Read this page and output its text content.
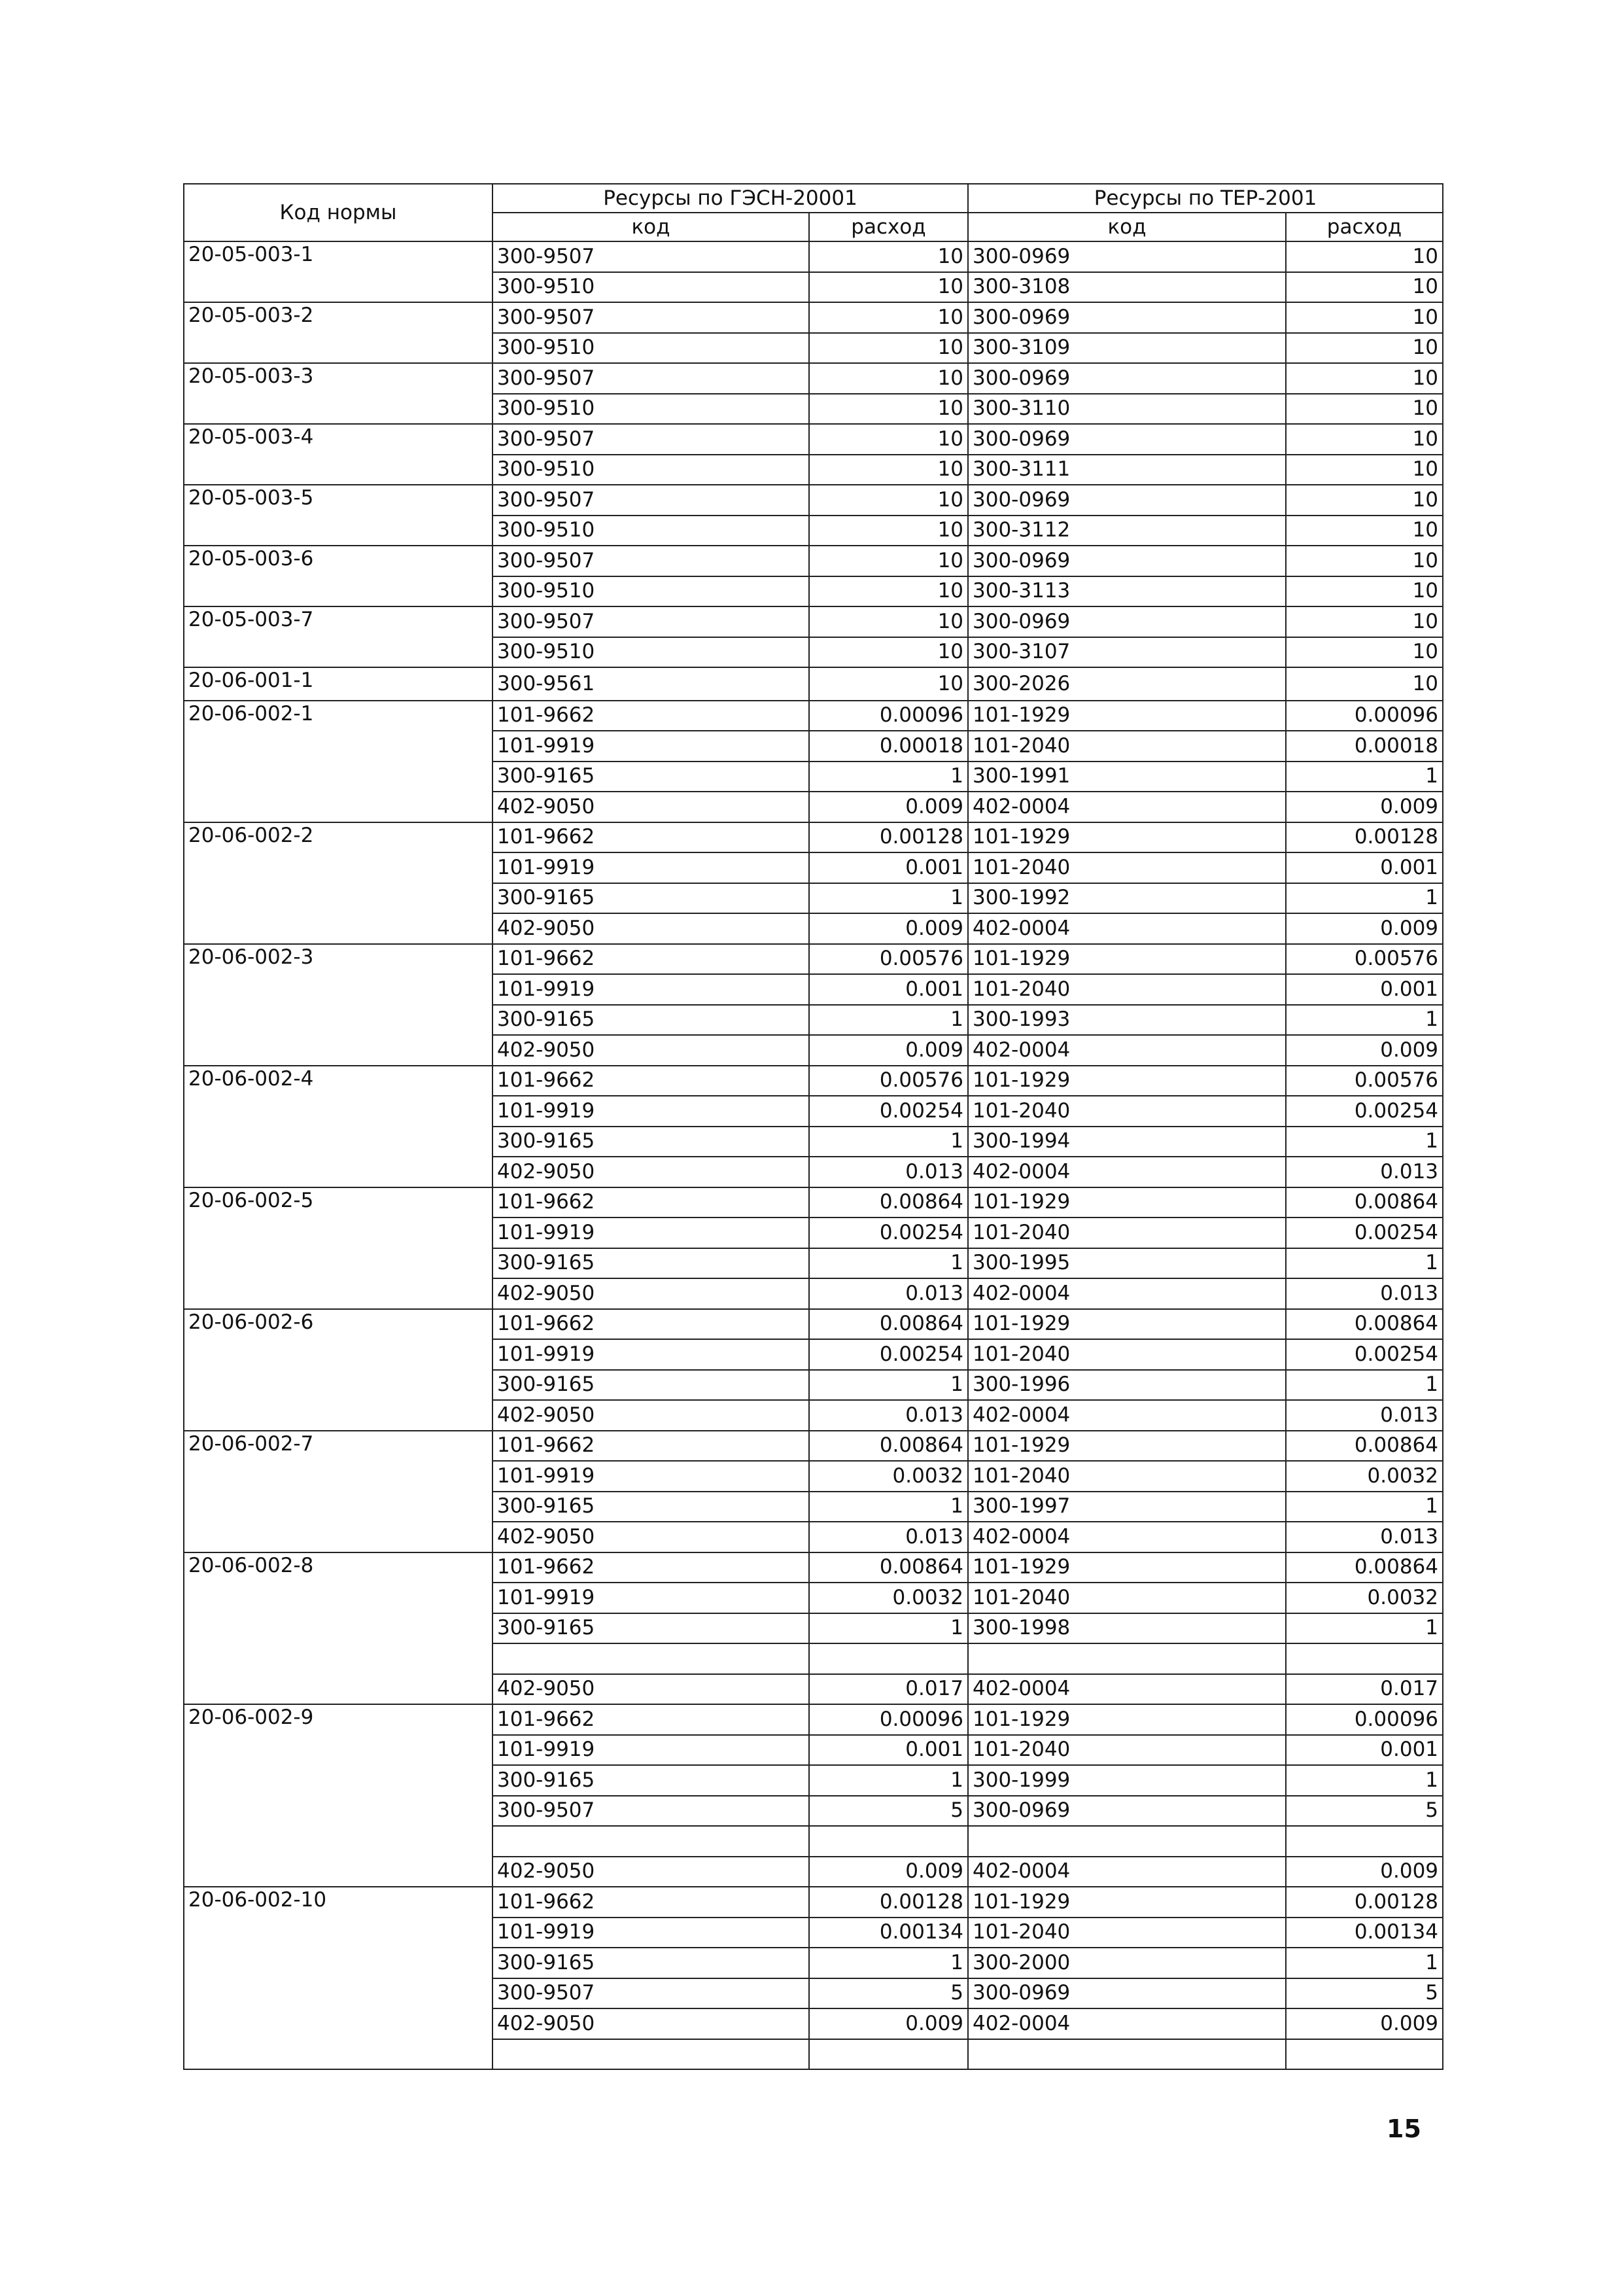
Код нормы	Ресурсы по ГЭСН-20001		Ресурсы по ТЕР-2001	
	код	расход	код	расход
20-05-003-1	300-9507	10	300-0969	10
	300-9510	10	300-3108	10
20-05-003-2	300-9507	10	300-0969	10
	300-9510	10	300-3109	10
20-05-003-3	300-9507	10	300-0969	10
	300-9510	10	300-3110	10
20-05-003-4	300-9507	10	300-0969	10
	300-9510	10	300-3111	10
20-05-003-5	300-9507	10	300-0969	10
	300-9510	10	300-3112	10
20-05-003-6	300-9507	10	300-0969	10
	300-9510	10	300-3113	10
20-05-003-7	300-9507	10	300-0969	10
	300-9510	10	300-3107	10
20-06-001-1	300-9561	10	300-2026	10
20-06-002-1	101-9662	0.00096	101-1929	0.00096
	101-9919	0.00018	101-2040	0.00018
	300-9165	1	300-1991	1
	402-9050	0.009	402-0004	0.009
20-06-002-2	101-9662	0.00128	101-1929	0.00128
	101-9919	0.001	101-2040	0.001
	300-9165	1	300-1992	1
	402-9050	0.009	402-0004	0.009
20-06-002-3	101-9662	0.00576	101-1929	0.00576
	101-9919	0.001	101-2040	0.001
	300-9165	1	300-1993	1
	402-9050	0.009	402-0004	0.009
20-06-002-4	101-9662	0.00576	101-1929	0.00576
	101-9919	0.00254	101-2040	0.00254
	300-9165	1	300-1994	1
	402-9050	0.013	402-0004	0.013
20-06-002-5	101-9662	0.00864	101-1929	0.00864
	101-9919	0.00254	101-2040	0.00254
	300-9165	1	300-1995	1
	402-9050	0.013	402-0004	0.013
20-06-002-6	101-9662	0.00864	101-1929	0.00864
	101-9919	0.00254	101-2040	0.00254
	300-9165	1	300-1996	1
	402-9050	0.013	402-0004	0.013
20-06-002-7	101-9662	0.00864	101-1929	0.00864
	101-9919	0.0032	101-2040	0.0032
	300-9165	1	300-1997	1
	402-9050	0.013	402-0004	0.013
20-06-002-8	101-9662	0.00864	101-1929	0.00864
	101-9919	0.0032	101-2040	0.0032
	300-9165	1	300-1998	1

	402-9050	0.017	402-0004	0.017
20-06-002-9	101-9662	0.00096	101-1929	0.00096
	101-9919	0.001	101-2040	0.001
	300-9165	1	300-1999	1
	300-9507	5	300-0969	5

	402-9050	0.009	402-0004	0.009
20-06-002-10	101-9662	0.00128	101-1929	0.00128
	101-9919	0.00134	101-2040	0.00134
	300-9165	1	300-2000	1
	300-9507	5	300-0969	5
	402-9050	0.009	402-0004	0.009

15
